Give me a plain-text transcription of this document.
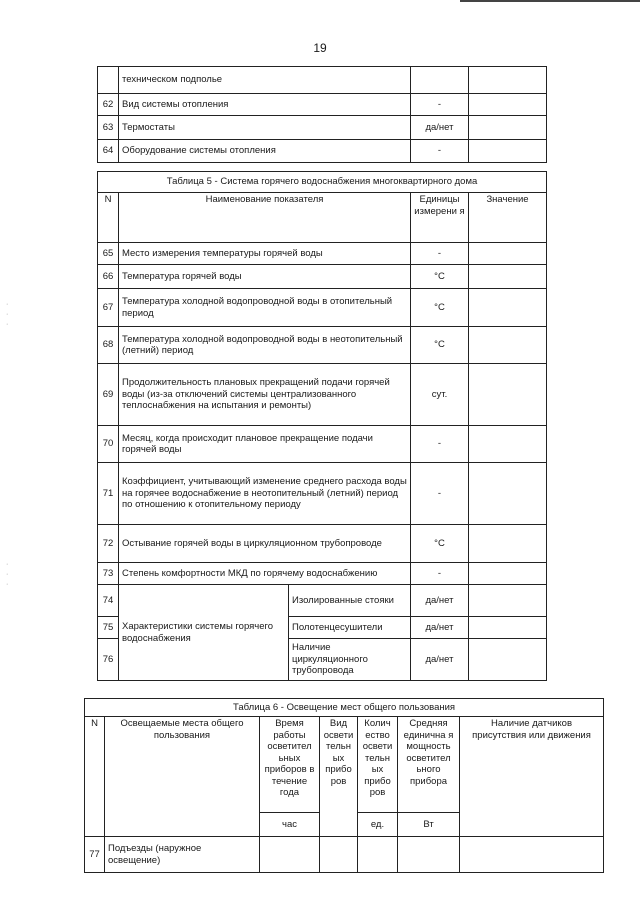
·
·
·
·
·
·
19
	техническом подполье		
62	Вид системы отопления	-	
63	Термостаты	да/нет	
64	Оборудование системы отопления	-	
Таблица 5 - Система горячего водоснабжения многоквартирного дома				
N	Наименование показателя		Единицы измерени я	Значение
65	Место измерения температуры горячей воды		-	
66	Температура горячей воды		°C	
67	Температура холодной водопроводной воды в отопительный период		°C	
68	Температура холодной водопроводной воды в неотопительный (летний) период		°C	
69	Продолжительность плановых прекращений подачи горячей воды (из-за отключений системы централизованного теплоснабжения на испытания и ремонты)		сут.	
70	Месяц, когда происходит плановое прекращение подачи горячей воды		-	
71	Коэффициент, учитывающий изменение среднего расхода воды на горячее водоснабжение в неотопительный (летний) период по отношению к отопительному периоду		-	
72	Остывание горячей воды в циркуляционном трубопроводе		°C	
73	Степень комфортности МКД по горячему водоснабжению		-	
74	Характеристики системы горячего водоснабжения	Изолированные стояки	да/нет	
75		Полотенцесушители	да/нет	
76		Наличие циркуляционного трубопровода	да/нет	
Таблица 6 - Освещение мест общего пользования						
N	Освещаемые места общего пользования	Время работы осветител ьных приборов в течение года	Вид освети тельн ых прибо ров	Колич ество освети тельн ых прибо ров	Средняя единична я мощность осветител ьного прибора	Наличие датчиков присутствия или движения
		час		ед.	Вт	
77	Подъезды (наружное освещение)					
